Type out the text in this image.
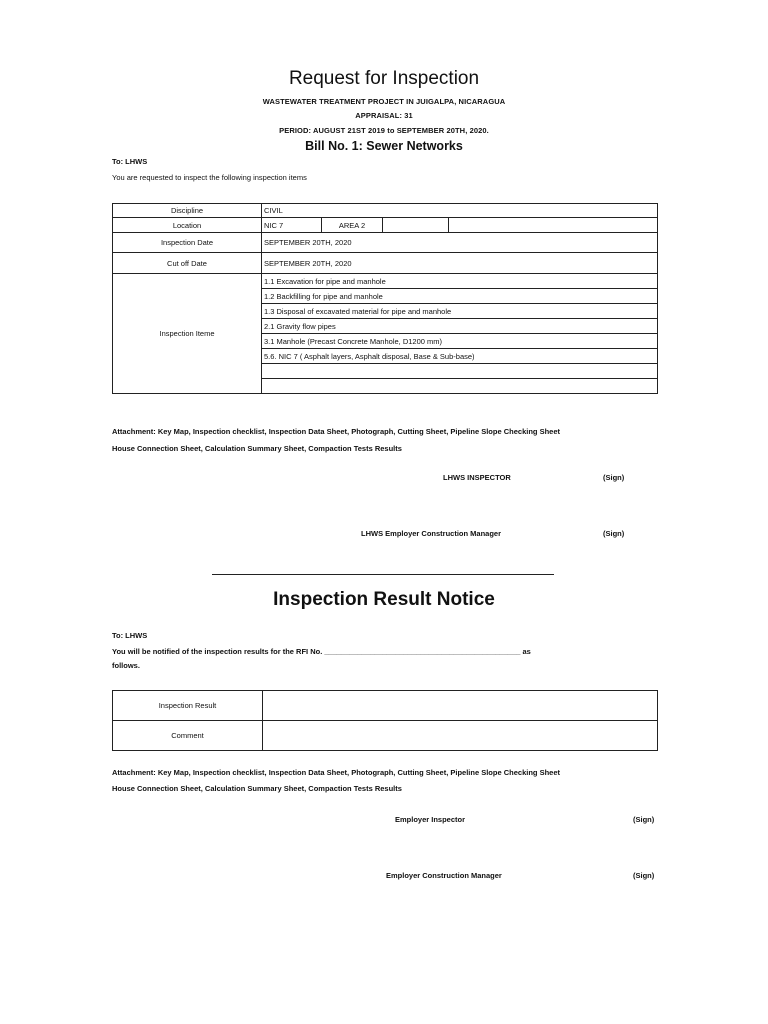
Request for Inspection
WASTEWATER TREATMENT PROJECT IN JUIGALPA, NICARAGUA
APPRAISAL: 31
PERIOD: AUGUST 21ST 2019 to SEPTEMBER 20TH, 2020.
Bill No. 1: Sewer Networks
To: LHWS
You are requested to inspect the following inspection items
Discipline	CIVIL			
Location	NIC 7	AREA 2		
Inspection Date	SEPTEMBER 20TH, 2020			
Cut off Date	SEPTEMBER 20TH, 2020			
Inspection Iteme	1.1 Excavation for pipe and manhole			
	1.2 Backfilling for pipe and manhole			
	1.3 Disposal of excavated material for pipe and manhole			
	2.1 Gravity flow pipes			
	3.1 Manhole (Precast Concrete Manhole, D1200 mm)			
	5.6. NIC 7 ( Asphalt layers, Asphalt disposal, Base & Sub-base)			

Attachment: Key Map, Inspection checklist, Inspection Data Sheet, Photograph, Cutting Sheet, Pipeline Slope Checking Sheet
House Connection Sheet, Calculation Summary Sheet, Compaction Tests Results
LHWS INSPECTOR	(Sign)
LHWS Employer Construction Manager	(Sign)
Inspection Result Notice
To: LHWS
You will be notified of the inspection results for the RFI No. _______________________________________________ as
follows.
Inspection Result	
Comment	
Attachment: Key Map, Inspection checklist, Inspection Data Sheet, Photograph, Cutting Sheet, Pipeline Slope Checking Sheet
House Connection Sheet, Calculation Summary Sheet, Compaction Tests Results
Employer Inspector	(Sign)
Employer Construction Manager	(Sign)
